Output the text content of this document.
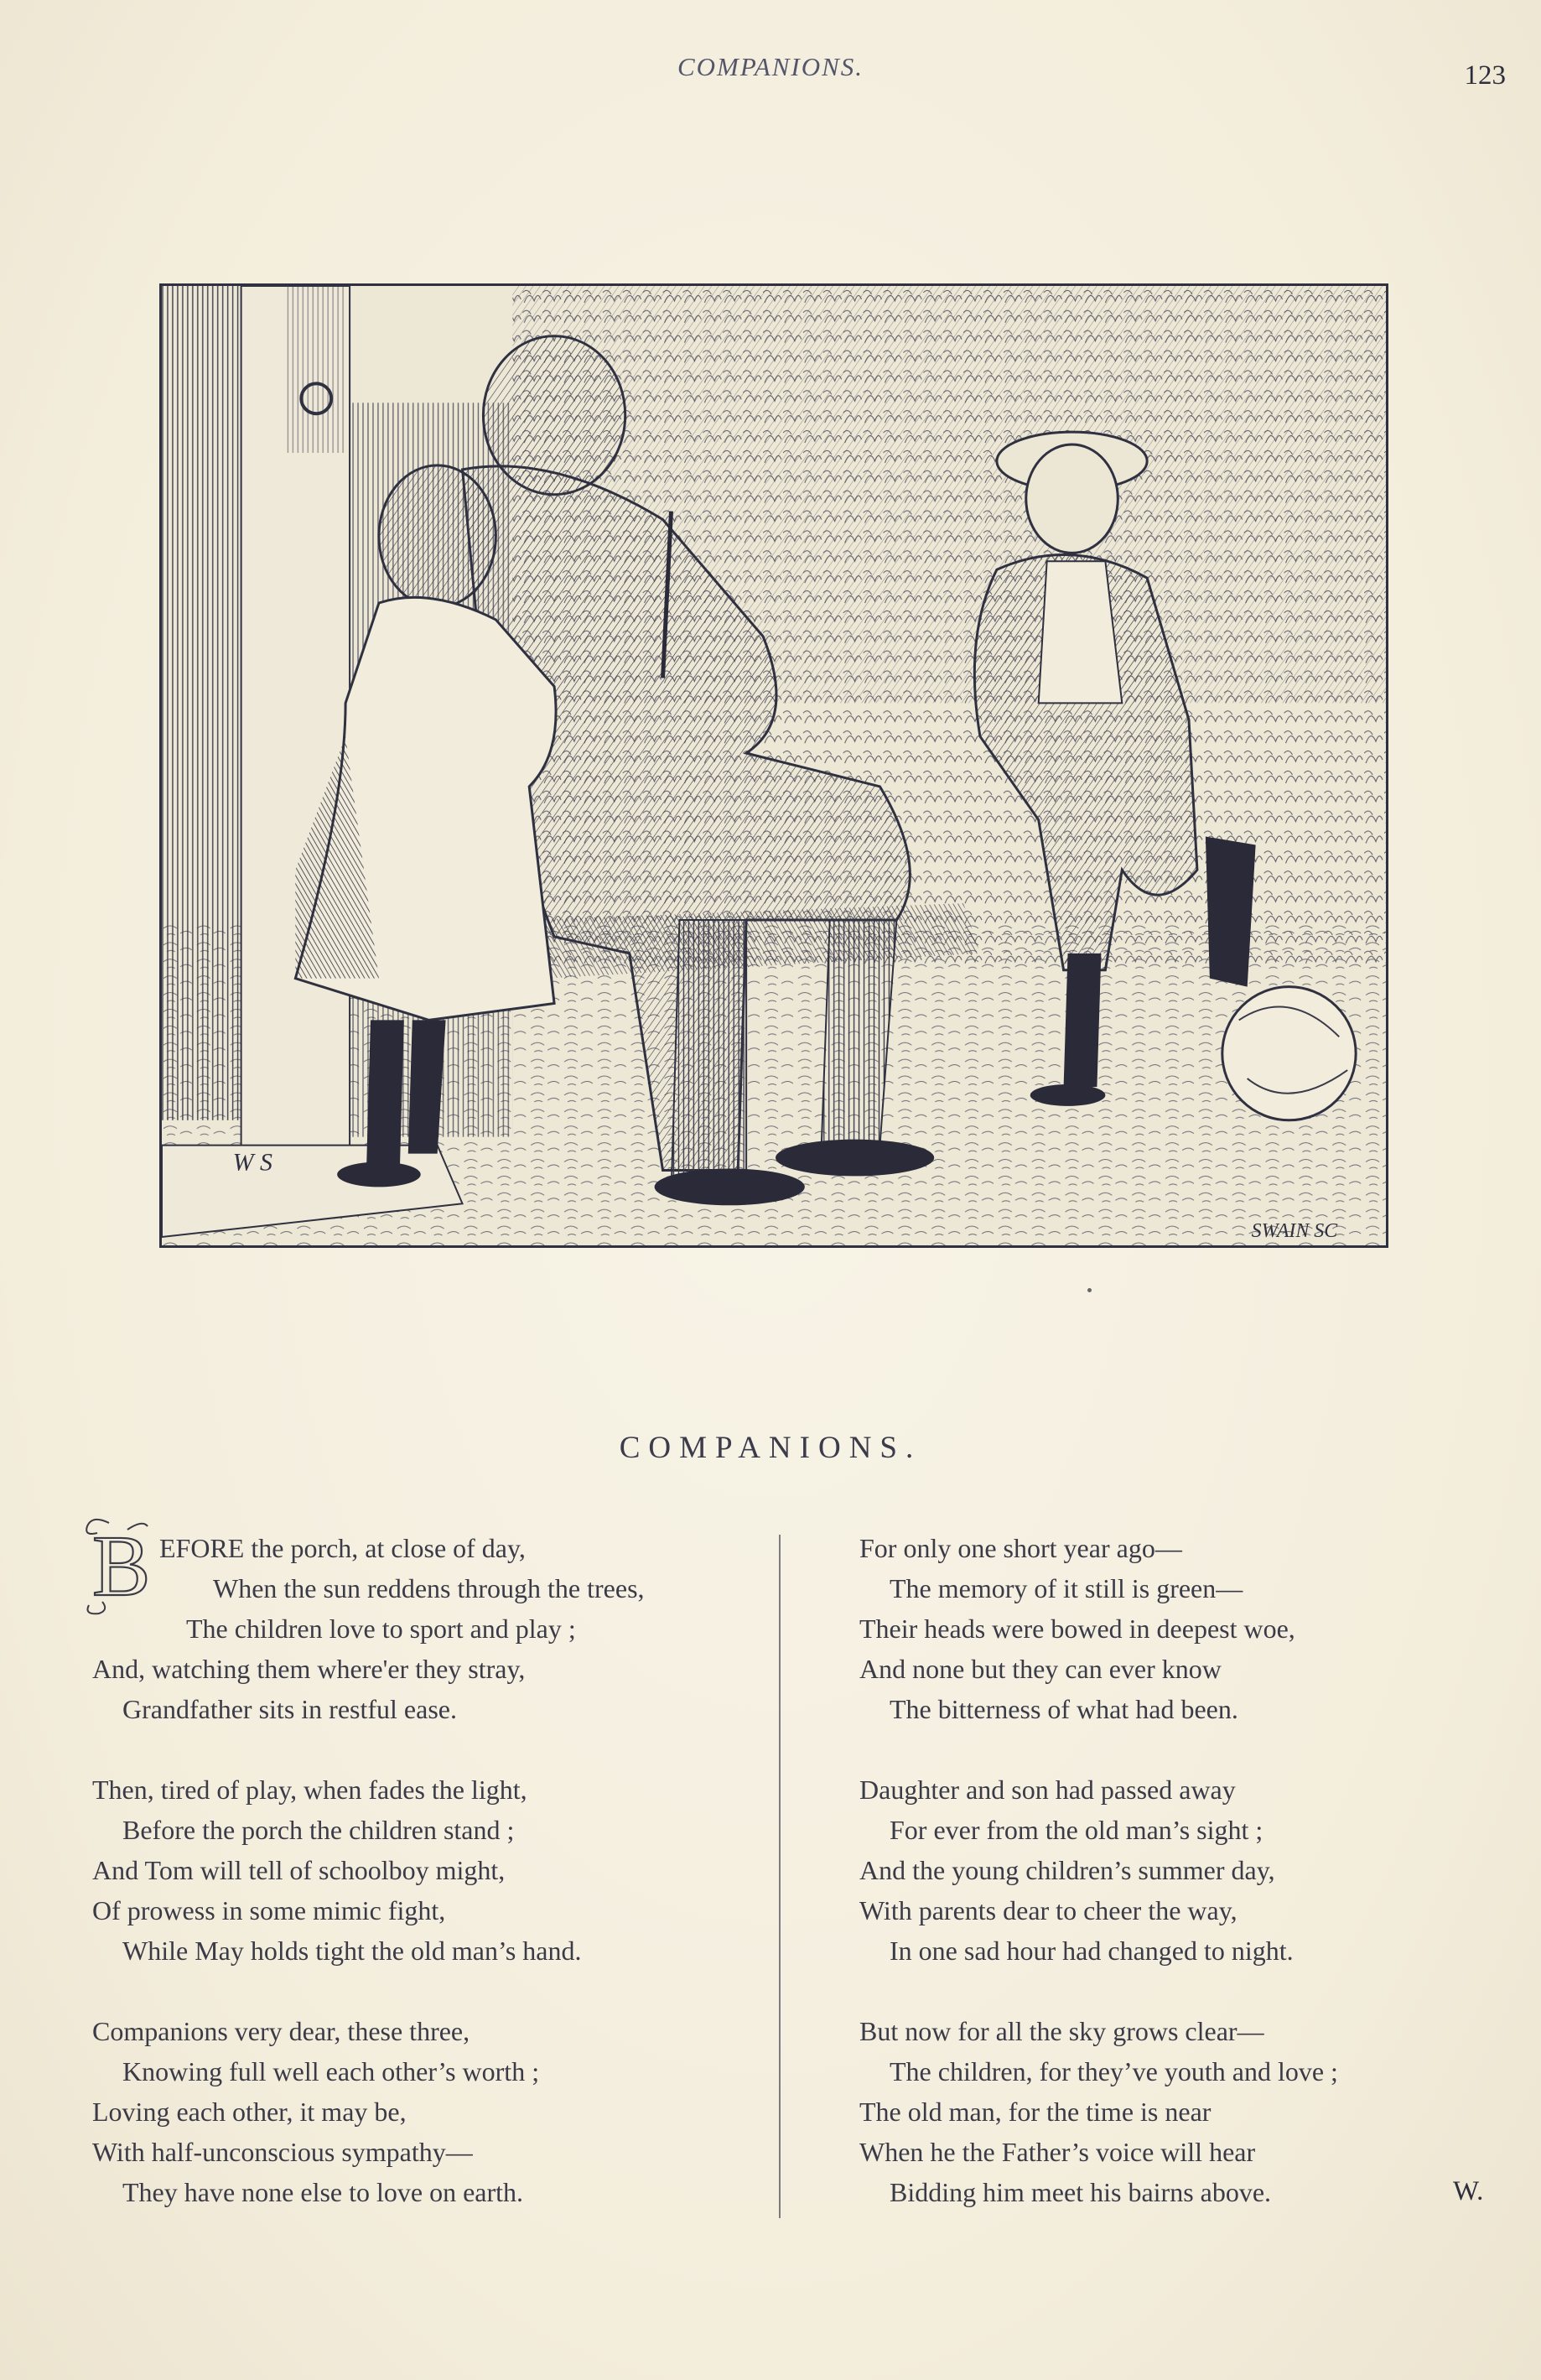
COMPANIONS.	123
W S
SWAIN SC
COMPANIONS.
B EFORE the porch, at close of day,
When the sun reddens through the trees,
The children love to sport and play ;
And, watching them where'er they stray,
Grandfather sits in restful ease.
Then, tired of play, when fades the light,
Before the porch the children stand ;
And Tom will tell of schoolboy might,
Of prowess in some mimic fight,
While May holds tight the old man’s hand.
Companions very dear, these three,
Knowing full well each other’s worth ;
Loving each other, it may be,
With half-unconscious sympathy—
They have none else to love on earth.
For only one short year ago—
The memory of it still is green—
Their heads were bowed in deepest woe,
And none but they can ever know
The bitterness of what had been.
Daughter and son had passed away
For ever from the old man’s sight ;
And the young children’s summer day,
With parents dear to cheer the way,
In one sad hour had changed to night.
But now for all the sky grows clear—
The children, for they’ve youth and love ;
The old man, for the time is near
When he the Father’s voice will hear
Bidding him meet his bairns above.	W.
